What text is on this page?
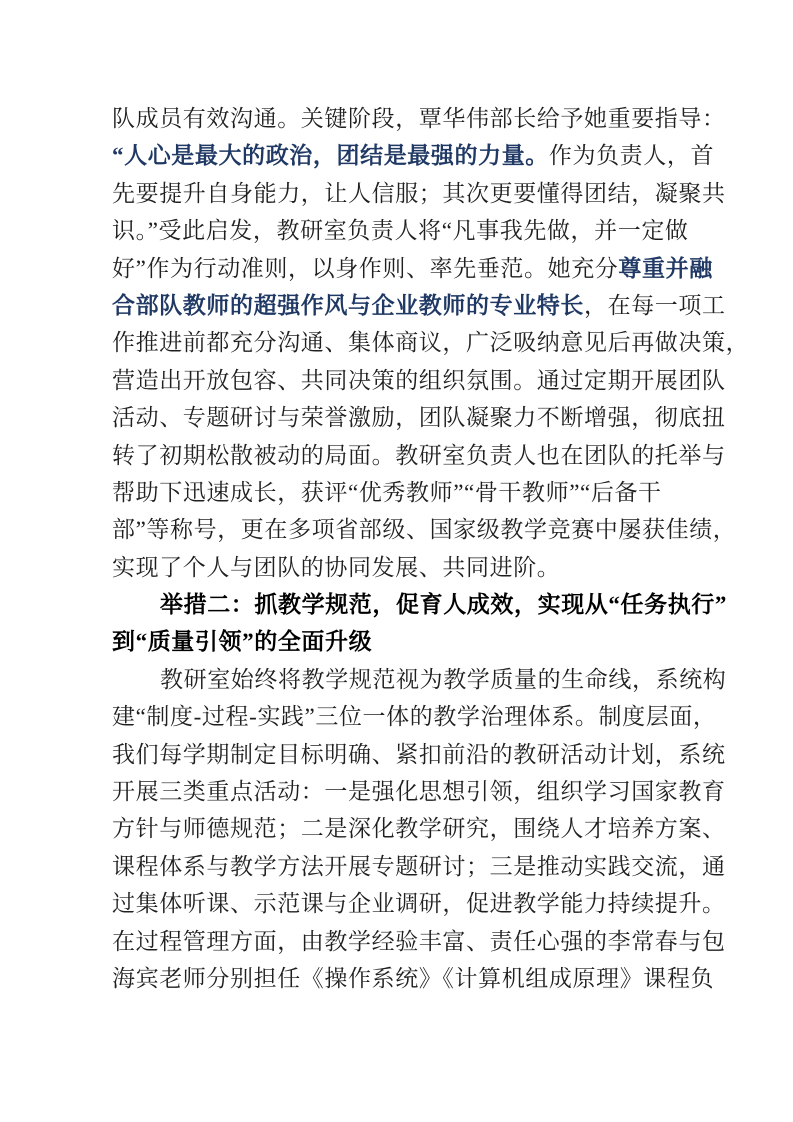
队成员有效沟通。关键阶段，覃华伟部长给予她重要指导：
“人心是最大的政治，团结是最强的力量。作为负责人，首
先要提升自身能力，让人信服；其次更要懂得团结，凝聚共
识。”受此启发，教研室负责人将“凡事我先做，并一定做
好”作为行动准则，以身作则、率先垂范。她充分尊重并融
合部队教师的超强作风与企业教师的专业特长，在每一项工
作推进前都充分沟通、集体商议，广泛吸纳意见后再做决策，
营造出开放包容、共同决策的组织氛围。通过定期开展团队
活动、专题研讨与荣誉激励，团队凝聚力不断增强，彻底扭
转了初期松散被动的局面。教研室负责人也在团队的托举与
帮助下迅速成长，获评“优秀教师”“骨干教师”“后备干
部”等称号，更在多项省部级、国家级教学竞赛中屡获佳绩，
实现了个人与团队的协同发展、共同进阶。
举措二：抓教学规范，促育人成效，实现从“任务执行”
到“质量引领”的全面升级
教研室始终将教学规范视为教学质量的生命线，系统构
建“制度-过程-实践”三位一体的教学治理体系。制度层面，
我们每学期制定目标明确、紧扣前沿的教研活动计划，系统
开展三类重点活动：一是强化思想引领，组织学习国家教育
方针与师德规范；二是深化教学研究，围绕人才培养方案、
课程体系与教学方法开展专题研讨；三是推动实践交流，通
过集体听课、示范课与企业调研，促进教学能力持续提升。
在过程管理方面，由教学经验丰富、责任心强的李常春与包
海宾老师分别担任《操作系统》《计算机组成原理》课程负
